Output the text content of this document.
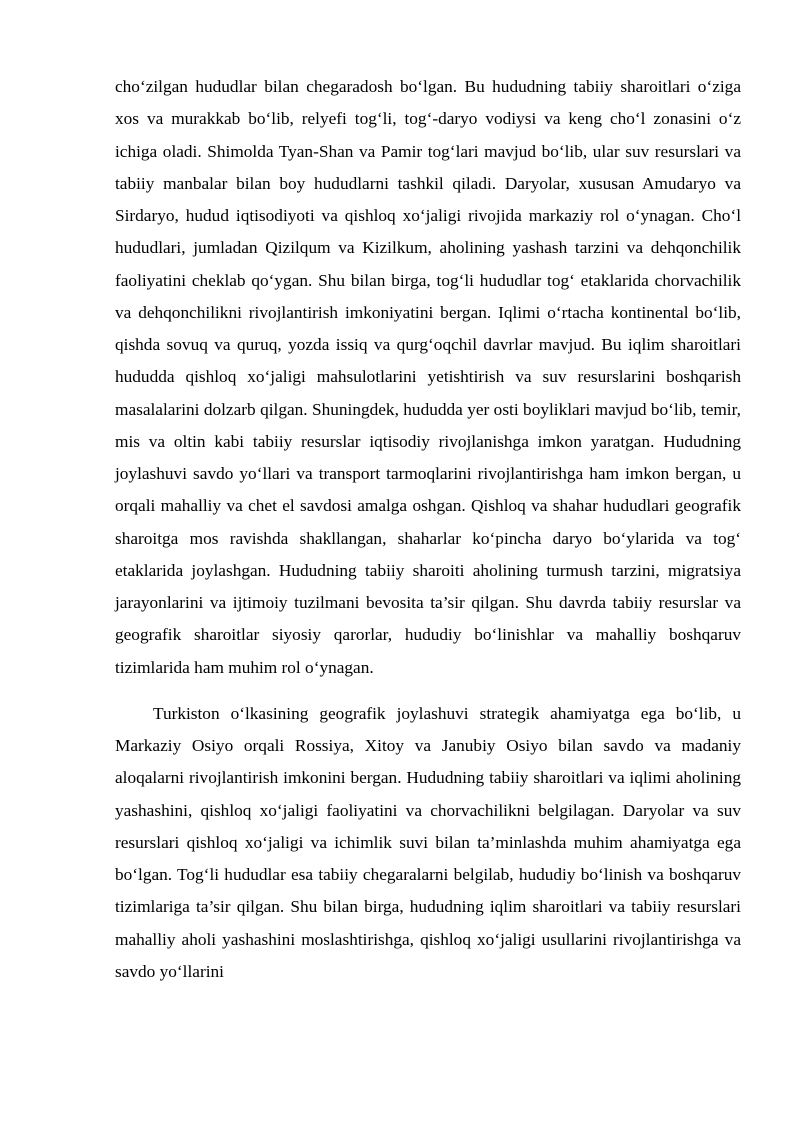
cho‘zilgan hududlar bilan chegaradosh bo‘lgan. Bu hududning tabiiy sharoitlari o‘ziga xos va murakkab bo‘lib, relyefi tog‘li, tog‘-daryo vodiysi va keng cho‘l zonasini o‘z ichiga oladi. Shimolda Tyan-Shan va Pamir tog‘lari mavjud bo‘lib, ular suv resurslari va tabiiy manbalar bilan boy hududlarni tashkil qiladi. Daryolar, xususan Amudaryo va Sirdaryo, hudud iqtisodiyoti va qishloq xo‘jaligi rivojida markaziy rol o‘ynagan. Cho‘l hududlari, jumladan Qizilqum va Kizilkum, aholining yashash tarzini va dehqonchilik faoliyatini cheklab qo‘ygan. Shu bilan birga, tog‘li hududlar tog‘ etaklarida chorvachilik va dehqonchilikni rivojlantirish imkoniyatini bergan. Iqlimi o‘rtacha kontinental bo‘lib, qishda sovuq va quruq, yozda issiq va qurg‘oqchil davrlar mavjud. Bu iqlim sharoitlari hududda qishloq xo‘jaligi mahsulotlarini yetishtirish va suv resurslarini boshqarish masalalarini dolzarb qilgan. Shuningdek, hududda yer osti boyliklari mavjud bo‘lib, temir, mis va oltin kabi tabiiy resurslar iqtisodiy rivojlanishga imkon yaratgan. Hududning joylashuvi savdo yo‘llari va transport tarmoqlarini rivojlantirishga ham imkon bergan, u orqali mahalliy va chet el savdosi amalga oshgan. Qishloq va shahar hududlari geografik sharoitga mos ravishda shakllangan, shaharlar ko‘pincha daryo bo‘ylarida va tog‘ etaklarida joylashgan. Hududning tabiiy sharoiti aholining turmush tarzini, migratsiya jarayonlarini va ijtimoiy tuzilmani bevosita ta’sir qilgan. Shu davrda tabiiy resurslar va geografik sharoitlar siyosiy qarorlar, hududiy bo‘linishlar va mahalliy boshqaruv tizimlarida ham muhim rol o‘ynagan.

Turkiston o‘lkasining geografik joylashuvi strategik ahamiyatga ega bo‘lib, u Markaziy Osiyo orqali Rossiya, Xitoy va Janubiy Osiyo bilan savdo va madaniy aloqalarni rivojlantirish imkonini bergan. Hududning tabiiy sharoitlari va iqlimi aholining yashashini, qishloq xo‘jaligi faoliyatini va chorvachilikni belgilagan. Daryolar va suv resurslari qishloq xo‘jaligi va ichimlik suvi bilan ta’minlashda muhim ahamiyatga ega bo‘lgan. Tog‘li hududlar esa tabiiy chegaralarni belgilab, hududiy bo‘linish va boshqaruv tizimlariga ta’sir qilgan. Shu bilan birga, hududning iqlim sharoitlari va tabiiy resurslari mahalliy aholi yashashini moslashtirishga, qishloq xo‘jaligi usullarini rivojlantirishga va savdo yo‘llarini
